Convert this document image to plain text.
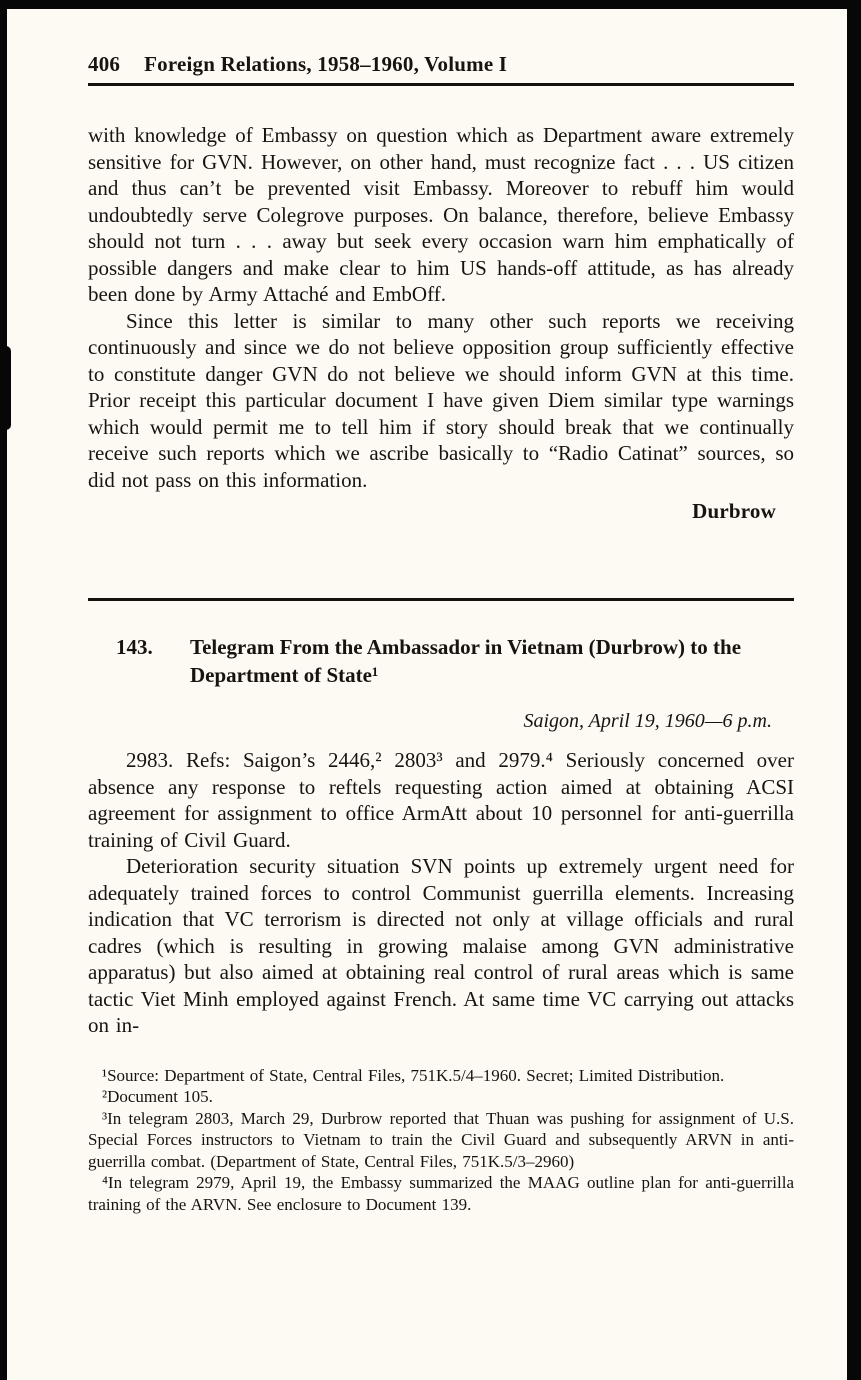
406 Foreign Relations, 1958–1960, Volume I

with knowledge of Embassy on question which as Department aware extremely sensitive for GVN. However, on other hand, must recognize fact . . . US citizen and thus can’t be prevented visit Embassy. Moreover to rebuff him would undoubtedly serve Colegrove purposes. On balance, therefore, believe Embassy should not turn . . . away but seek every occasion warn him emphatically of possible dangers and make clear to him US hands-off attitude, as has already been done by Army Attaché and EmbOff.

Since this letter is similar to many other such reports we receiving continuously and since we do not believe opposition group sufficiently effective to constitute danger GVN do not believe we should inform GVN at this time. Prior receipt this particular document I have given Diem similar type warnings which would permit me to tell him if story should break that we continually receive such reports which we ascribe basically to “Radio Catinat” sources, so did not pass on this information.

Durbrow

143.	Telegram From the Ambassador in Vietnam (Durbrow) to the Department of State¹

Saigon, April 19, 1960—6 p.m.

2983. Refs: Saigon’s 2446,² 2803³ and 2979.⁴ Seriously concerned over absence any response to reftels requesting action aimed at obtaining ACSI agreement for assignment to office ArmAtt about 10 personnel for anti-guerrilla training of Civil Guard.

Deterioration security situation SVN points up extremely urgent need for adequately trained forces to control Communist guerrilla elements. Increasing indication that VC terrorism is directed not only at village officials and rural cadres (which is resulting in growing malaise among GVN administrative apparatus) but also aimed at obtaining real control of rural areas which is same tactic Viet Minh employed against French. At same time VC carrying out attacks on in-

¹Source: Department of State, Central Files, 751K.5/4–1960. Secret; Limited Distribution.

²Document 105.

³In telegram 2803, March 29, Durbrow reported that Thuan was pushing for assignment of U.S. Special Forces instructors to Vietnam to train the Civil Guard and subsequently ARVN in anti-guerrilla combat. (Department of State, Central Files, 751K.5/3–2960)

⁴In telegram 2979, April 19, the Embassy summarized the MAAG outline plan for anti-guerrilla training of the ARVN. See enclosure to Document 139.
